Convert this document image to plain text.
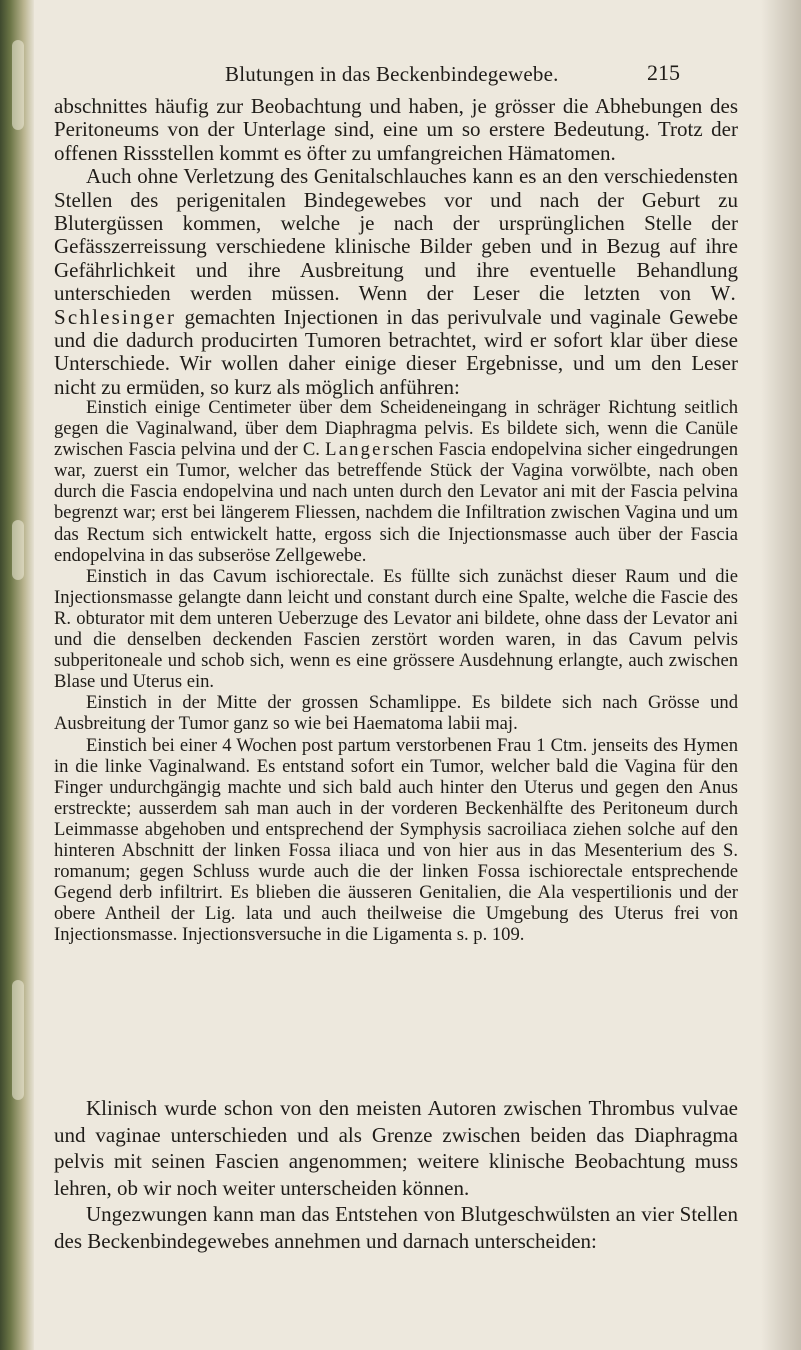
Blutungen in das Beckenbindegewebe.	215

abschnittes häufig zur Beobachtung und haben, je grösser die Abhebungen des Peritoneums von der Unterlage sind, eine um so erstere Bedeutung. Trotz der offenen Rissstellen kommt es öfter zu umfangreichen Hämatomen.

Auch ohne Verletzung des Genitalschlauches kann es an den verschiedensten Stellen des perigenitalen Bindegewebes vor und nach der Geburt zu Blutergüssen kommen, welche je nach der ursprünglichen Stelle der Gefässzerreissung verschiedene klinische Bilder geben und in Bezug auf ihre Gefährlichkeit und ihre Ausbreitung und ihre eventuelle Behandlung unterschieden werden müssen. Wenn der Leser die letzten von W. Schlesinger gemachten Injectionen in das perivulvale und vaginale Gewebe und die dadurch producirten Tumoren betrachtet, wird er sofort klar über diese Unterschiede. Wir wollen daher einige dieser Ergebnisse, und um den Leser nicht zu ermüden, so kurz als möglich anführen:

Einstich einige Centimeter über dem Scheideneingang in schräger Richtung seitlich gegen die Vaginalwand, über dem Diaphragma pelvis. Es bildete sich, wenn die Canüle zwischen Fascia pelvina und der C. Langerschen Fascia endopelvina sicher eingedrungen war, zuerst ein Tumor, welcher das betreffende Stück der Vagina vorwölbte, nach oben durch die Fascia endopelvina und nach unten durch den Levator ani mit der Fascia pelvina begrenzt war; erst bei längerem Fliessen, nachdem die Infiltration zwischen Vagina und um das Rectum sich entwickelt hatte, ergoss sich die Injectionsmasse auch über der Fascia endopelvina in das subseröse Zellgewebe.

Einstich in das Cavum ischiorectale. Es füllte sich zunächst dieser Raum und die Injectionsmasse gelangte dann leicht und constant durch eine Spalte, welche die Fascie des R. obturator mit dem unteren Ueberzuge des Levator ani bildete, ohne dass der Levator ani und die denselben deckenden Fascien zerstört worden waren, in das Cavum pelvis subperitoneale und schob sich, wenn es eine grössere Ausdehnung erlangte, auch zwischen Blase und Uterus ein.

Einstich in der Mitte der grossen Schamlippe. Es bildete sich nach Grösse und Ausbreitung der Tumor ganz so wie bei Haematoma labii maj.

Einstich bei einer 4 Wochen post partum verstorbenen Frau 1 Ctm. jenseits des Hymen in die linke Vaginalwand. Es entstand sofort ein Tumor, welcher bald die Vagina für den Finger undurchgängig machte und sich bald auch hinter den Uterus und gegen den Anus erstreckte; ausserdem sah man auch in der vorderen Beckenhälfte des Peritoneum durch Leimmasse abgehoben und entsprechend der Symphysis sacroiliaca ziehen solche auf den hinteren Abschnitt der linken Fossa iliaca und von hier aus in das Mesenterium des S. romanum; gegen Schluss wurde auch die der linken Fossa ischiorectale entsprechende Gegend derb infiltrirt. Es blieben die äusseren Genitalien, die Ala vespertilionis und der obere Antheil der Lig. lata und auch theilweise die Umgebung des Uterus frei von Injectionsmasse. Injectionsversuche in die Ligamenta s. p. 109.

Klinisch wurde schon von den meisten Autoren zwischen Thrombus vulvae und vaginae unterschieden und als Grenze zwischen beiden das Diaphragma pelvis mit seinen Fascien angenommen; weitere klinische Beobachtung muss lehren, ob wir noch weiter unterscheiden können.

Ungezwungen kann man das Entstehen von Blutgeschwülsten an vier Stellen des Beckenbindegewebes annehmen und darnach unterscheiden:
